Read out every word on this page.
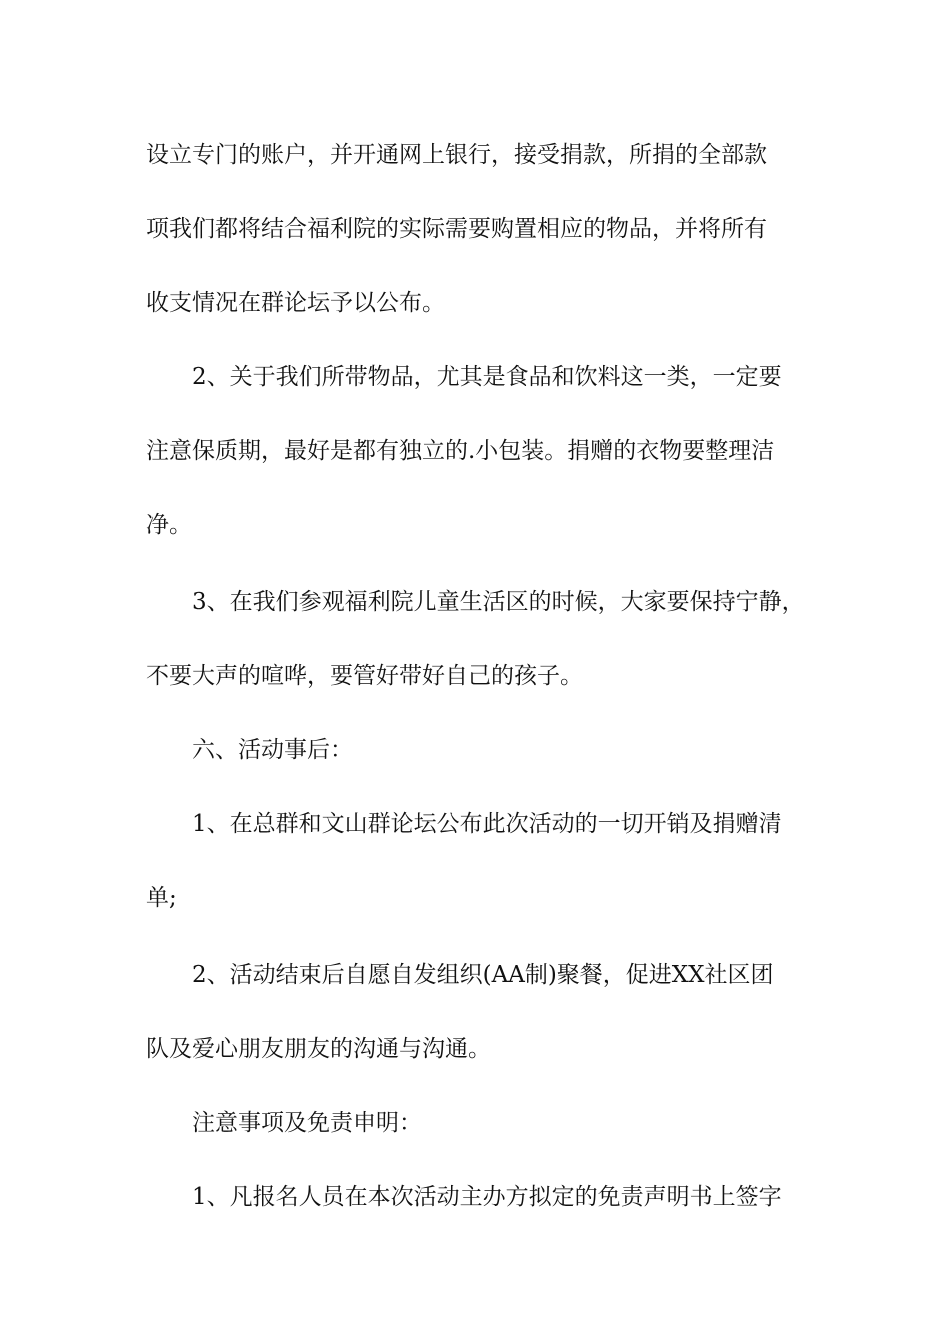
设立专门的账户，并开通网上银行，接受捐款，所捐的全部款
项我们都将结合福利院的实际需要购置相应的物品，并将所有
收支情况在群论坛予以公布。
2、关于我们所带物品，尤其是食品和饮料这一类，一定要
注意保质期，最好是都有独立的.小包装。捐赠的衣物要整理洁
净。
3、在我们参观福利院儿童生活区的时候，大家要保持宁静，
不要大声的喧哗，要管好带好自己的孩子。
六、活动事后：
1、在总群和文山群论坛公布此次活动的一切开销及捐赠清
单;
2、活动结束后自愿自发组织(AA制)聚餐，促进XX社区团
队及爱心朋友朋友的沟通与沟通。
注意事项及免责申明：
1、凡报名人员在本次活动主办方拟定的免责声明书上签字
